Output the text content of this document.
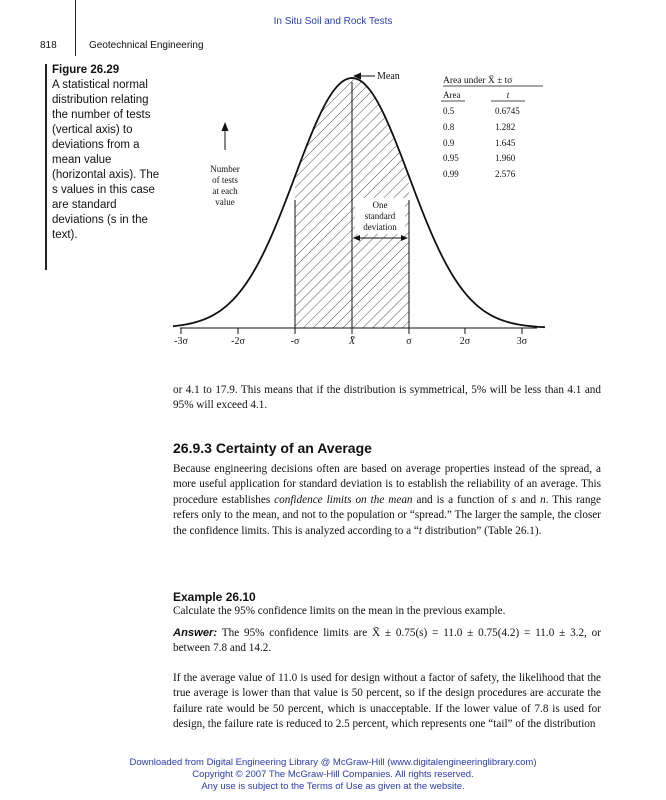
In Situ Soil and Rock Tests
818	Geotechnical Engineering
Figure 26.29
A statistical normal distribution relating the number of tests (vertical axis) to deviations from a mean value (horizontal axis). The s values in this case are standard deviations (s in the text).
-3σ	-2σ	-σ	X̄	σ	2σ	3σ
Mean
Number
of tests
at each
value	One
standard
deviation
Area under X̄ ± tσ
Area	t
0.5	0.6745
0.8	1.282
0.9	1.645
0.95	1.960
0.99	2.576
or 4.1 to 17.9. This means that if the distribution is symmetrical, 5% will be less than 4.1 and 95% will exceed 4.1.
26.9.3 Certainty of an Average
Because engineering decisions often are based on average properties instead of the spread, a more useful application for standard deviation is to establish the reliability of an average. This procedure establishes confidence limits on the mean and is a function of s and n. This range refers only to the mean, and not to the population or “spread.” The larger the sample, the closer the confidence limits. This is analyzed according to a “t distribution” (Table 26.1).
Example 26.10
Calculate the 95% confidence limits on the mean in the previous example.
Answer: The 95% confidence limits are X̄ ± 0.75(s) = 11.0 ± 0.75(4.2) = 11.0 ± 3.2, or between 7.8 and 14.2.
If the average value of 11.0 is used for design without a factor of safety, the likelihood that the true average is lower than that value is 50 percent, so if the design procedures are accurate the failure rate would be 50 percent, which is unacceptable. If the lower value of 7.8 is used for design, the failure rate is reduced to 2.5 percent, which represents one “tail” of the distribution
Downloaded from Digital Engineering Library @ McGraw-Hill (www.digitalengineeringlibrary.com)
Copyright © 2007 The McGraw-Hill Companies. All rights reserved.
Any use is subject to the Terms of Use as given at the website.
